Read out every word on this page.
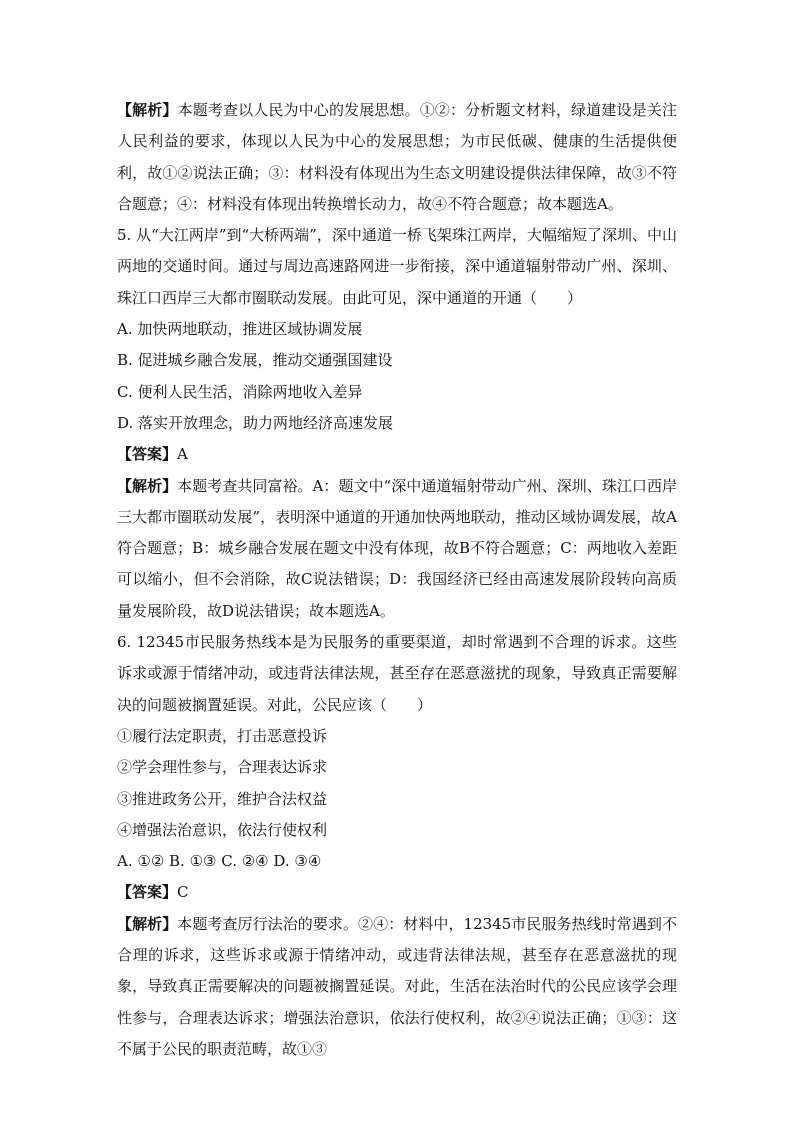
【解析】本题考查以人民为中心的发展思想。①②：分析题文材料，绿道建设是关注人民利益的要求，体现以人民为中心的发展思想；为市民低碳、健康的生活提供便利，故①②说法正确；③：材料没有体现出为生态文明建设提供法律保障，故③不符合题意；④：材料没有体现出转换增长动力，故④不符合题意；故本题选A。

5. 从“大江两岸”到“大桥两端”，深中通道一桥飞架珠江两岸，大幅缩短了深圳、中山两地的交通时间。通过与周边高速路网进一步衔接，深中通道辐射带动广州、深圳、珠江口西岸三大都市圈联动发展。由此可见，深中通道的开通（　　）

A. 加快两地联动，推进区域协调发展

B. 促进城乡融合发展，推动交通强国建设

C. 便利人民生活，消除两地收入差异

D. 落实开放理念，助力两地经济高速发展

【答案】A

【解析】本题考查共同富裕。A：题文中“深中通道辐射带动广州、深圳、珠江口西岸三大都市圈联动发展”，表明深中通道的开通加快两地联动，推动区域协调发展，故A符合题意；B：城乡融合发展在题文中没有体现，故B不符合题意；C：两地收入差距可以缩小，但不会消除，故C说法错误；D：我国经济已经由高速发展阶段转向高质量发展阶段，故D说法错误；故本题选A。

6. 12345市民服务热线本是为民服务的重要渠道，却时常遇到不合理的诉求。这些诉求或源于情绪冲动，或违背法律法规，甚至存在恶意滋扰的现象，导致真正需要解决的问题被搁置延误。对此，公民应该（　　）

①履行法定职责，打击恶意投诉

②学会理性参与，合理表达诉求

③推进政务公开，维护合法权益

④增强法治意识，依法行使权利

A. ①② B. ①③ C. ②④ D. ③④

【答案】C

【解析】本题考查厉行法治的要求。②④：材料中，12345市民服务热线时常遇到不合理的诉求，这些诉求或源于情绪冲动，或违背法律法规，甚至存在恶意滋扰的现象，导致真正需要解决的问题被搁置延误。对此，生活在法治时代的公民应该学会理性参与，合理表达诉求；增强法治意识，依法行使权利，故②④说法正确；①③：这不属于公民的职责范畴，故①③
